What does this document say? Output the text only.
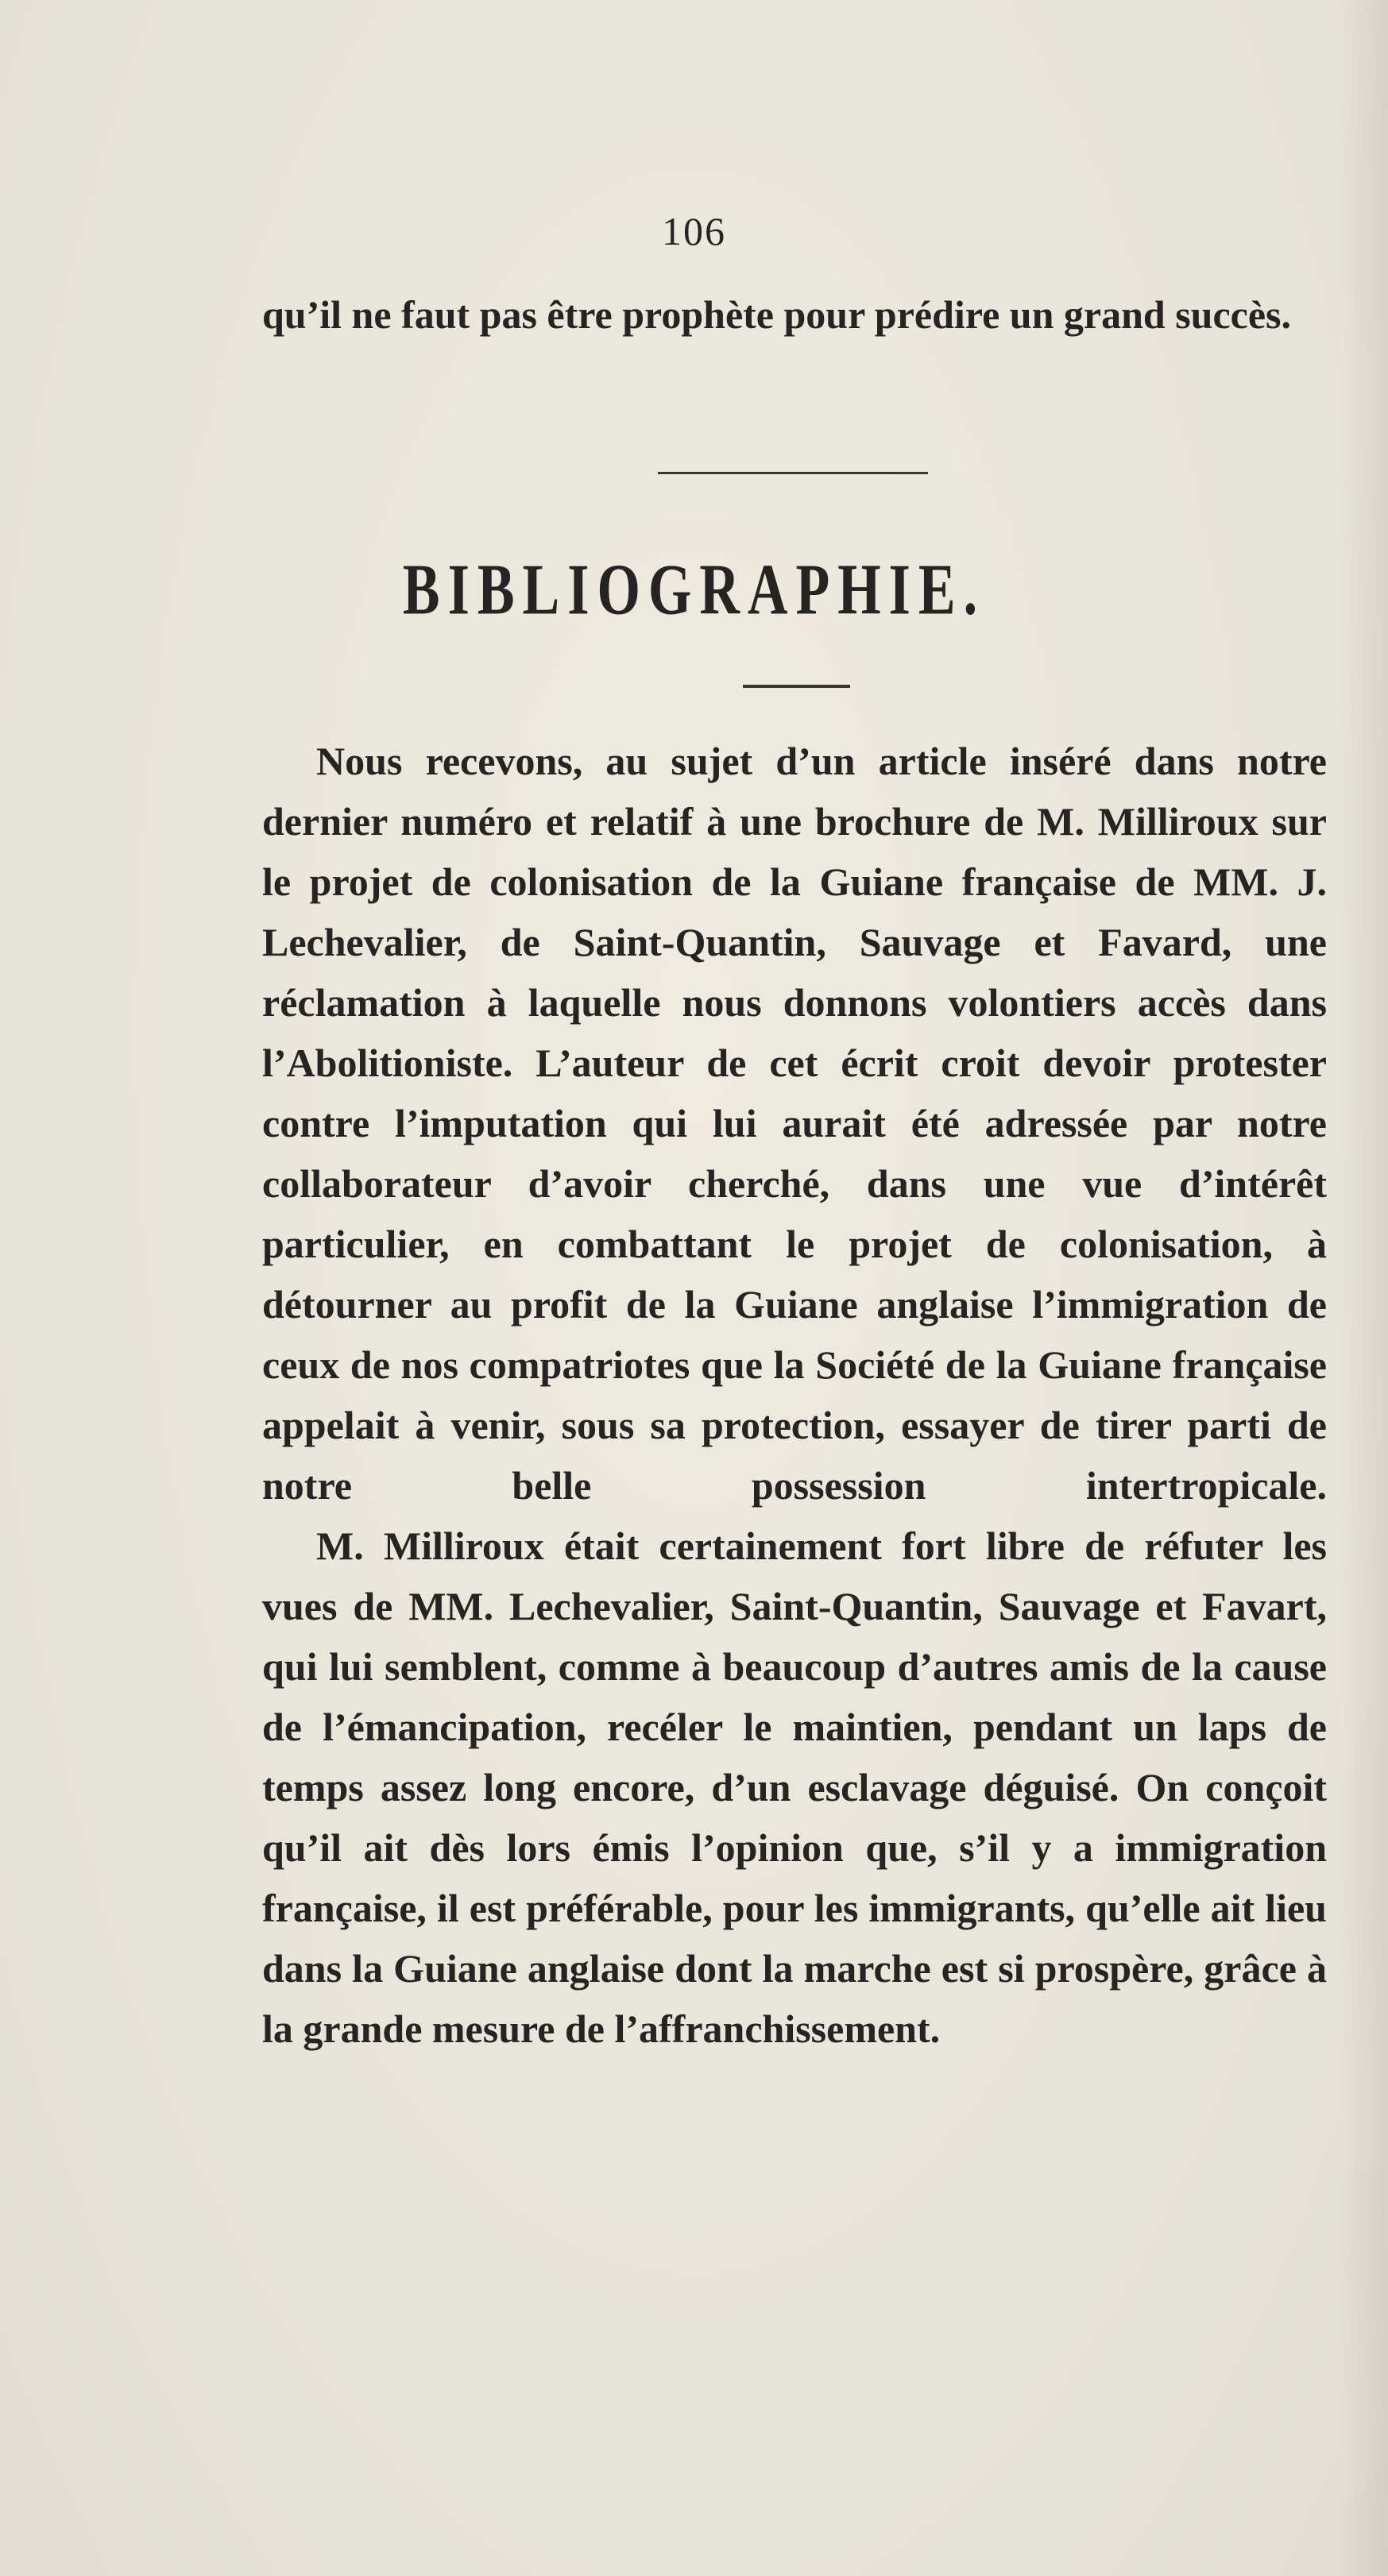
106
qu’il ne faut pas être prophète pour prédire un grand succès.
BIBLIOGRAPHIE.

Nous recevons, au sujet d’un article inséré dans notre dernier numéro et relatif à une brochure de M. Milliroux sur le projet de colonisation de la Guiane française de MM. J. Lechevalier, de Saint-Quantin, Sauvage et Favard, une réclamation à laquelle nous donnons volontiers accès dans l’Abolitioniste. L’auteur de cet écrit croit devoir protester contre l’imputation qui lui aurait été adressée par notre collaborateur d’avoir cherché, dans une vue d’intérêt particulier, en combattant le projet de colonisation, à détourner au profit de la Guiane anglaise l’immigration de ceux de nos compatriotes que la Société de la Guiane française appelait à venir, sous sa protection, essayer de tirer parti de notre belle possession intertropicale.

M. Milliroux était certainement fort libre de réfuter les vues de MM. Lechevalier, Saint-Quantin, Sauvage et Favart, qui lui semblent, comme à beaucoup d’autres amis de la cause de l’émancipation, recéler le maintien, pendant un laps de temps assez long encore, d’un esclavage déguisé. On conçoit qu’il ait dès lors émis l’opinion que, s’il y a immigration française, il est préférable, pour les immigrants, qu’elle ait lieu dans la Guiane anglaise dont la marche est si prospère, grâce à la grande mesure de l’affranchissement.
